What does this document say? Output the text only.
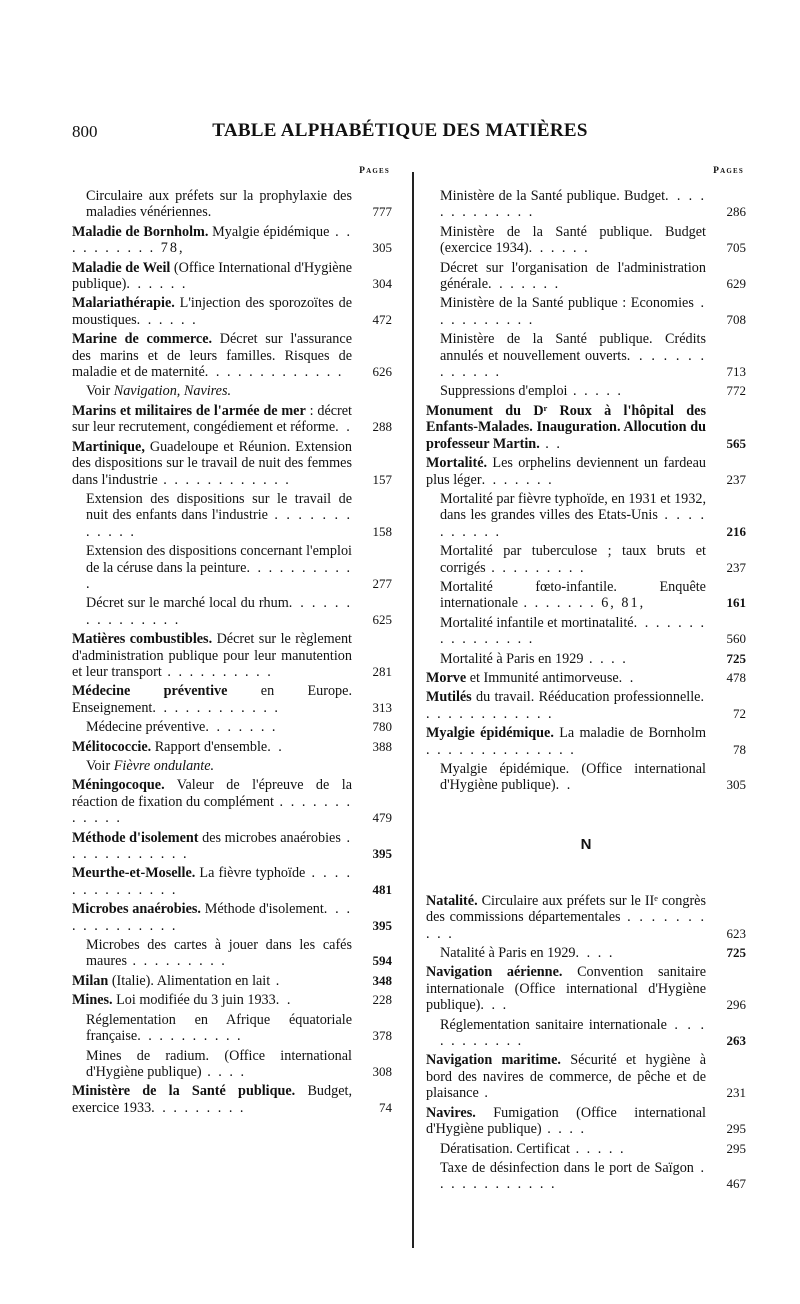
800	TABLE ALPHABÉTIQUE DES MATIÈRES
Pages
Circulaire aux préfets sur la prophylaxie des maladies vénériennes.	777
Maladie de Bornholm. Myalgie épidémique . . . . . . . . . . 78,	305
Maladie de Weil (Office International d'Hygiène publique). . . . . .	304
Malariathérapie. L'injection des sporozoïtes de moustiques. . . . . .	472
Marine de commerce. Décret sur l'assurance des marins et de leurs familles. Risques de maladie et de maternité. . . . . . . . . . . . .	626
Voir Navigation, Navires.
Marins et militaires de l'armée de mer : décret sur leur recrutement, congédiement et réforme. .	288
Martinique, Guadeloupe et Réunion. Extension des dispositions sur le travail de nuit des femmes dans l'industrie . . . . . . . . . . . .	157
Extension des dispositions sur le travail de nuit des enfants dans l'industrie . . . . . . . . . . . .	158
Extension des dispositions concernant l'emploi de la céruse dans la peinture. . . . . . . . . . .	277
Décret sur le marché local du rhum. . . . . . . . . . . . . . .	625
Matières combustibles. Décret sur le règlement d'administration publique pour leur manutention et leur transport . . . . . . . . . .	281
Médecine préventive en Europe. Enseignement. . . . . . . . . . . .	313
Médecine préventive. . . . . . .	780
Mélitococcie. Rapport d'ensemble. .	388
Voir Fièvre ondulante.
Méningocoque. Valeur de l'épreuve de la réaction de fixation du complément . . . . . . . . . . . .	479
Méthode d'isolement des microbes anaérobies . . . . . . . . . . . .	395
Meurthe-et-Moselle. La fièvre typhoïde . . . . . . . . . . . . . .	481
Microbes anaérobies. Méthode d'isolement. . . . . . . . . . . . .	395
Microbes des cartes à jouer dans les cafés maures . . . . . . . . .	594
Milan (Italie). Alimentation en lait .	348
Mines. Loi modifiée du 3 juin 1933. .	228
Réglementation en Afrique équatoriale française. . . . . . . . . .	378
Mines de radium. (Office international d'Hygiène publique) . . . .	308
Ministère de la Santé publique. Budget, exercice 1933. . . . . . . . .	74
Pages
Ministère de la Santé publique. Budget. . . . . . . . . . . . .	286
Ministère de la Santé publique. Budget (exercice 1934). . . . . .	705
Décret sur l'organisation de l'administration générale. . . . . . .	629
Ministère de la Santé publique : Economies . . . . . . . . . .	708
Ministère de la Santé publique. Crédits annulés et nouvellement ouverts. . . . . . . . . . . . .	713
Suppressions d'emploi . . . . .	772
Monument du Dʳ Roux à l'hôpital des Enfants-Malades. Inauguration. Allocution du professeur Martin. . .	565
Mortalité. Les orphelins deviennent un fardeau plus léger. . . . . . .	237
Mortalité par fièvre typhoïde, en 1931 et 1932, dans les grandes villes des Etats-Unis . . . . . . . . . .	216
Mortalité par tuberculose ; taux bruts et corrigés . . . . . . . . .	237
Mortalité fœto-infantile. Enquête internationale . . . . . . . 6, 81,	161
Mortalité infantile et mortinatalité. . . . . . . . . . . . . . . .	560
Mortalité à Paris en 1929 . . . .	725
Morve et Immunité antimorveuse. .	478
Mutilés du travail. Rééducation professionnelle. . . . . . . . . . . . .	72
Myalgie épidémique. La maladie de Bornholm . . . . . . . . . . . . . .	78
Myalgie épidémique. (Office international d'Hygiène publique). .	305
N
Natalité. Circulaire aux préfets sur le IIᵉ congrès des commissions départementales . . . . . . . . . .	623
Natalité à Paris en 1929. . . .	725
Navigation aérienne. Convention sanitaire internationale (Office international d'Hygiène publique). . .	296
Réglementation sanitaire internationale . . . . . . . . . . .	263
Navigation maritime. Sécurité et hygiène à bord des navires de commerce, de pêche et de plaisance .	231
Navires. Fumigation (Office international d'Hygiène publique) . . . .	295
Dératisation. Certificat . . . . .	295
Taxe de désinfection dans le port de Saïgon . . . . . . . . . . . .	467
